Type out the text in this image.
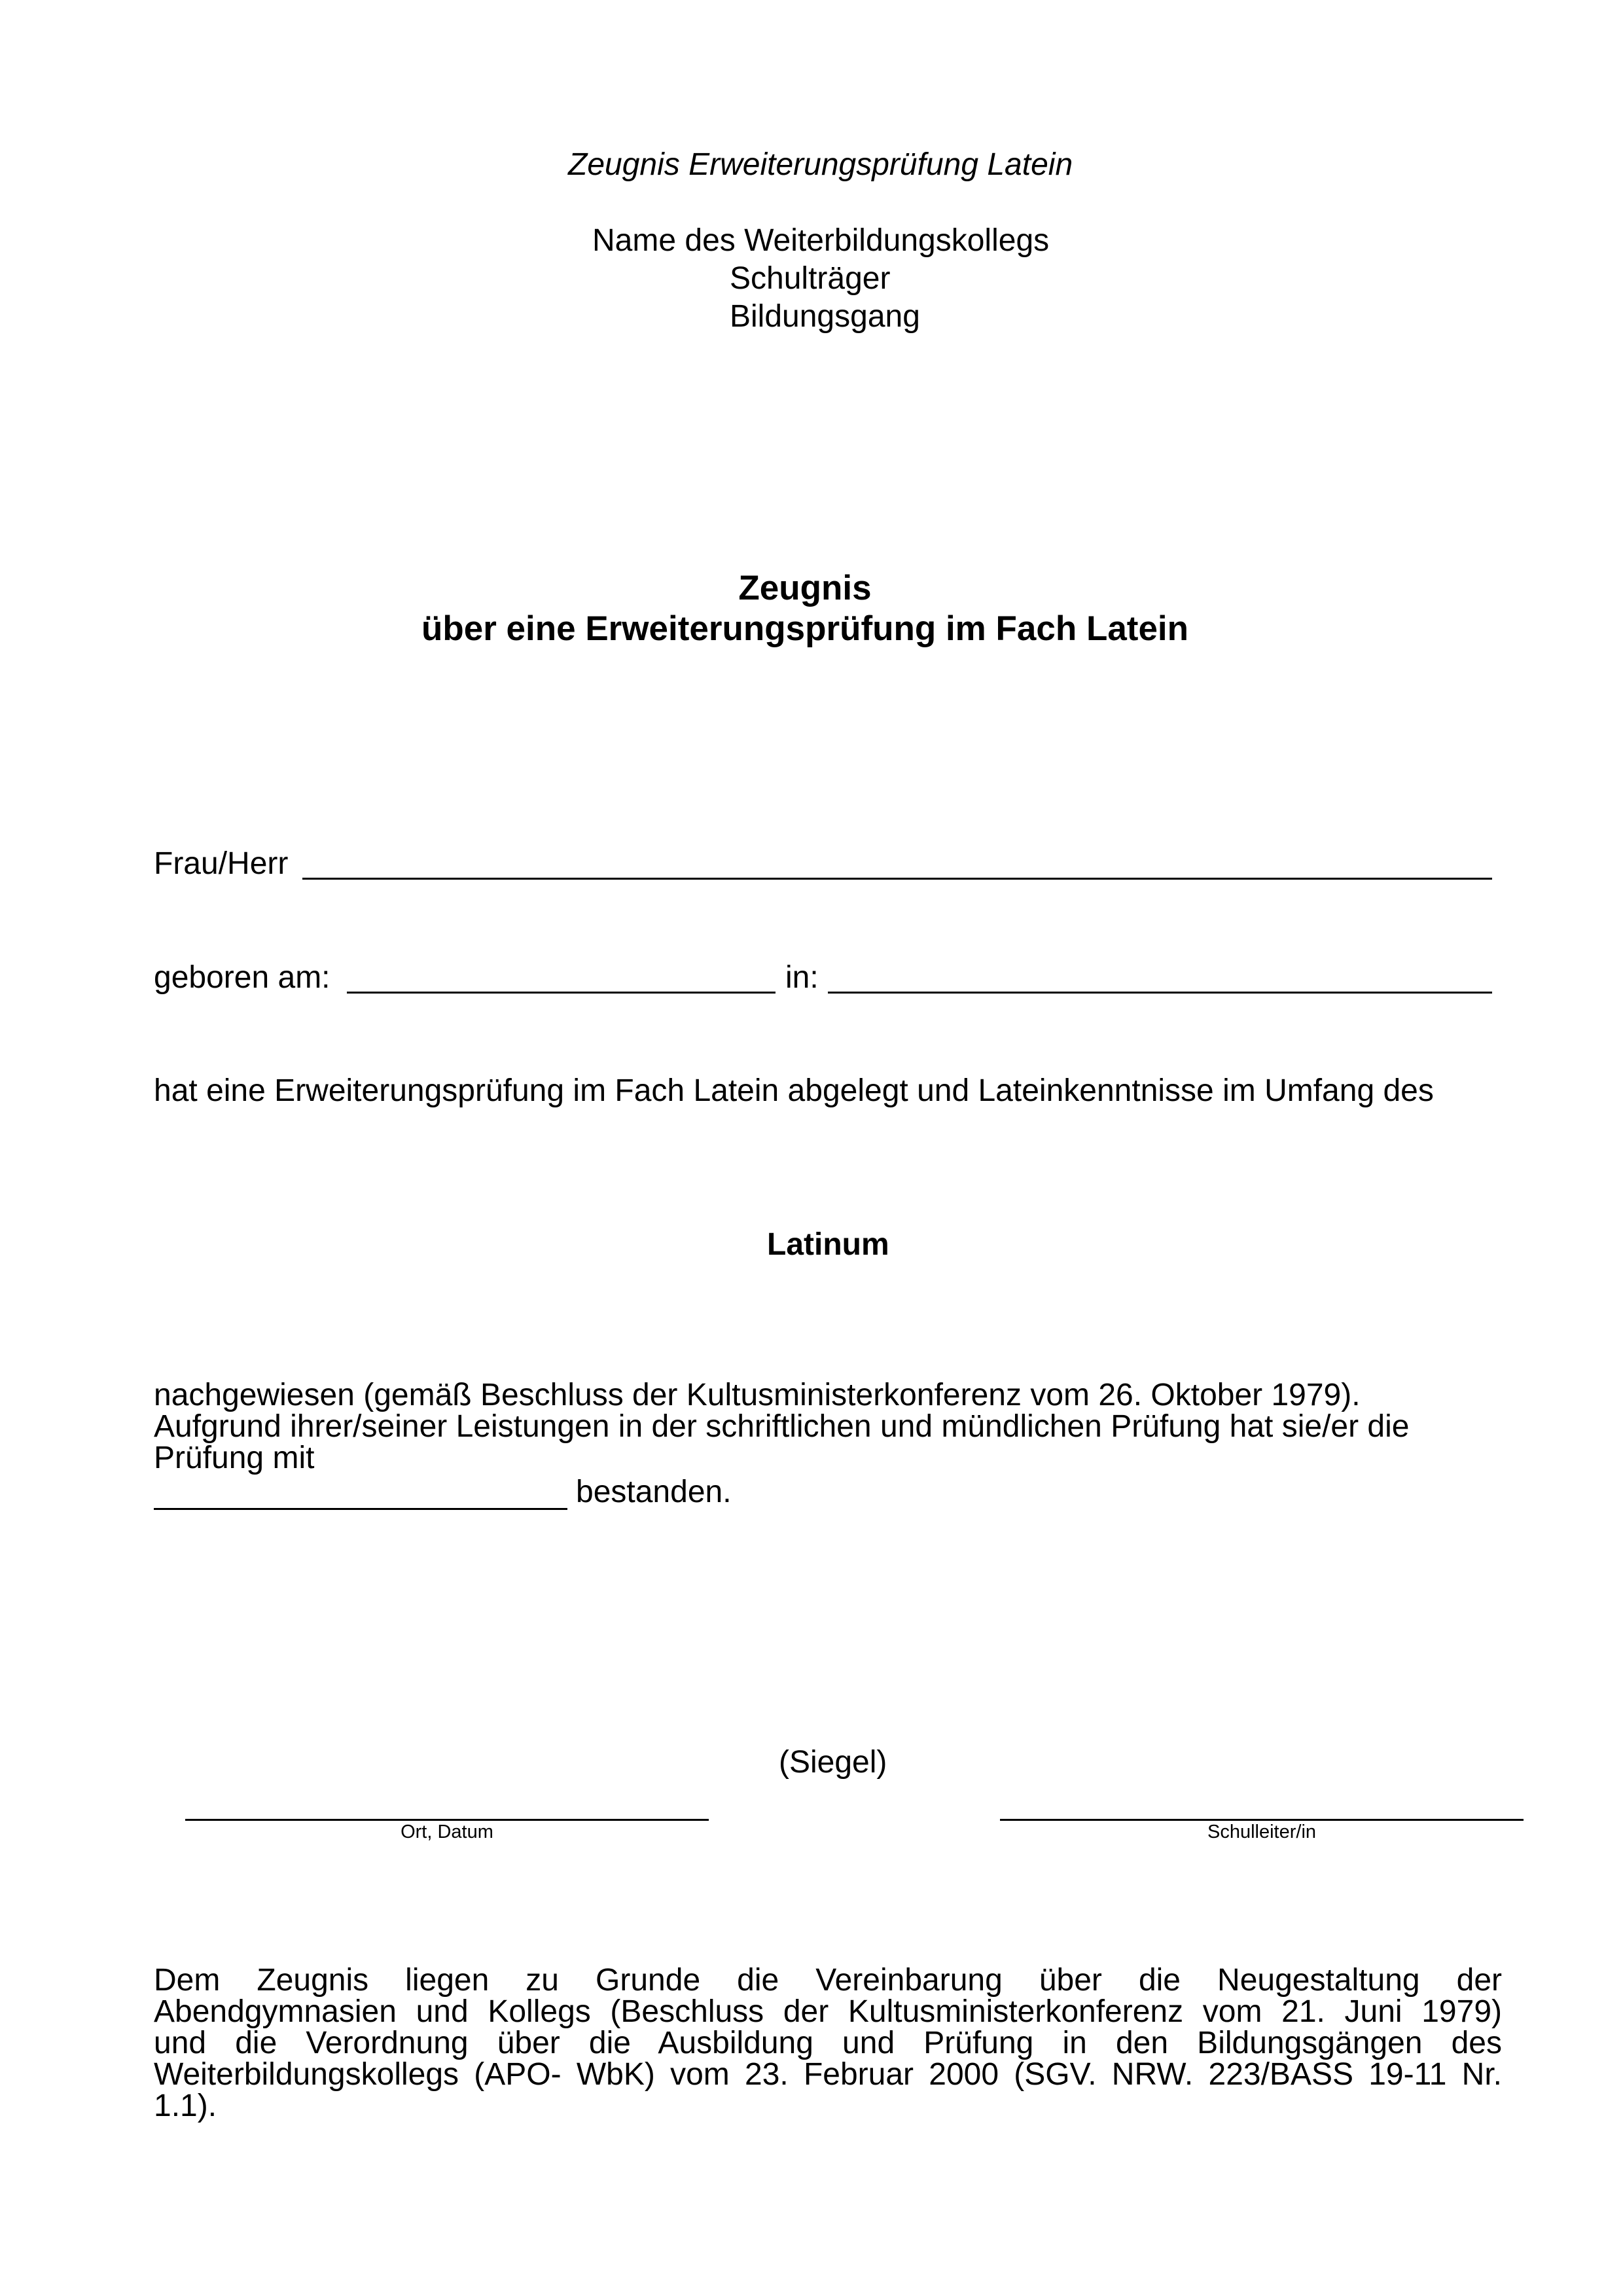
Zeugnis Erweiterungsprüfung Latein

Name des Weiterbildungskollegs

Schulträger

Bildungsgang

Zeugnis

über eine Erweiterungsprüfung im Fach Latein

Frau/Herr

geboren am:	in:

hat eine Erweiterungsprüfung im Fach Latein abgelegt und Lateinkenntnisse im Umfang des

Latinum

nachgewiesen (gemäß Beschluss der Kultusministerkonferenz vom 26. Oktober 1979).

Aufgrund ihrer/seiner Leistungen in der schriftlichen und mündlichen Prüfung hat sie/er die

Prüfung mit

bestanden.

(Siegel)

Ort, Datum	Schulleiter/in

Dem Zeugnis liegen zu Grunde die Vereinbarung über die Neugestaltung der
Abendgymnasien und Kollegs (Beschluss der Kultusministerkonferenz vom 21. Juni 1979)
und die Verordnung über die Ausbildung und Prüfung in den Bildungsgängen des
Weiterbildungskollegs (APO- WbK) vom 23. Februar 2000 (SGV. NRW. 223/BASS 19-11 Nr.
1.1).
